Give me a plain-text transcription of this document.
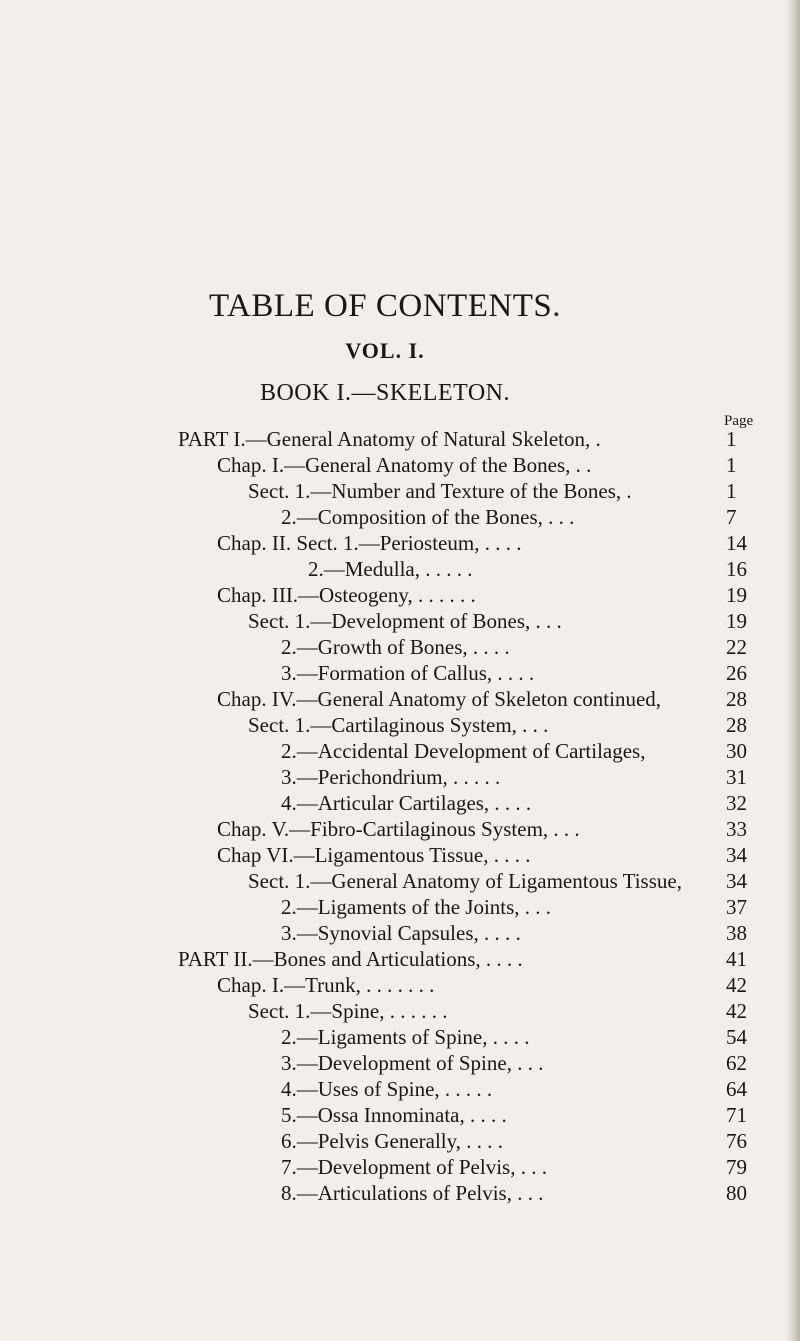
TABLE OF CONTENTS.
VOL. I.
BOOK I.—SKELETON.
Page
PART I.—General Anatomy of Natural Skeleton, .	1
Chap. I.—General Anatomy of the Bones, . .	1
Sect. 1.—Number and Texture of the Bones, .	1
2.—Composition of the Bones, . . .	7
Chap. II. Sect. 1.—Periosteum, . . . .	14
2.—Medulla, . . . . .	16
Chap. III.—Osteogeny, . . . . . .	19
Sect. 1.—Development of Bones, . . .	19
2.—Growth of Bones, . . . .	22
3.—Formation of Callus, . . . .	26
Chap. IV.—General Anatomy of Skeleton continued,	28
Sect. 1.—Cartilaginous System, . . .	28
2.—Accidental Development of Cartilages,	30
3.—Perichondrium, . . . . .	31
4.—Articular Cartilages, . . . .	32
Chap. V.—Fibro-Cartilaginous System, . . .	33
Chap VI.—Ligamentous Tissue, . . . .	34
Sect. 1.—General Anatomy of Ligamentous Tissue, 34
2.—Ligaments of the Joints, . . .	37
3.—Synovial Capsules, . . . .	38
PART II.—Bones and Articulations, . . . .	41
Chap. I.—Trunk, . . . . . . .	42
Sect. 1.—Spine, . . . . . .	42
2.—Ligaments of Spine, . . . .	54
3.—Development of Spine, . . .	62
4.—Uses of Spine, . . . . .	64
5.—Ossa Innominata, . . . .	71
6.—Pelvis Generally, . . . .	76
7.—Development of Pelvis, . . .	79
8.—Articulations of Pelvis, . . .	80
